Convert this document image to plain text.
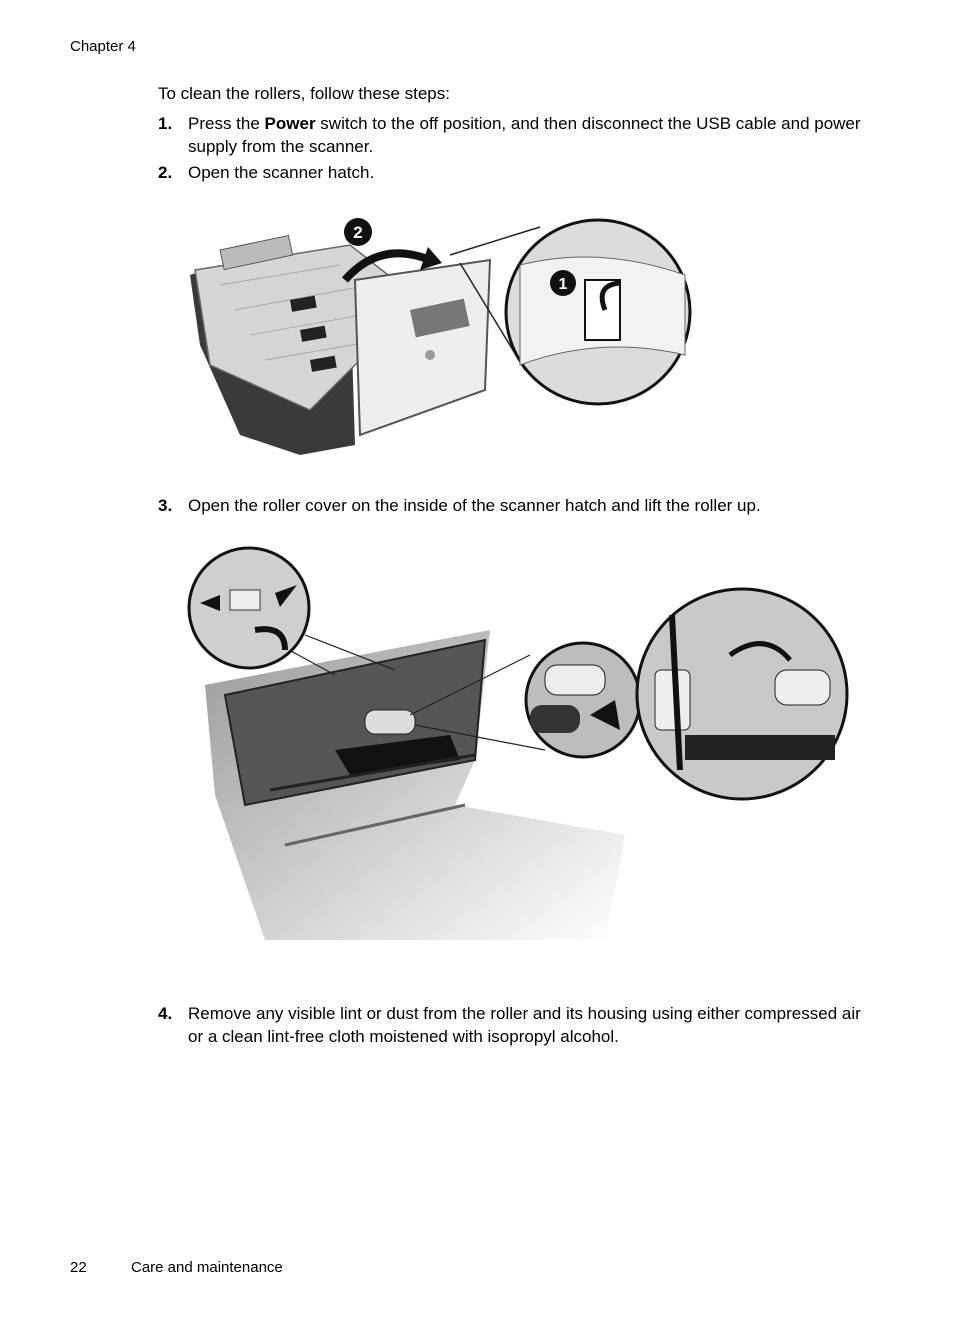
Chapter 4
To clean the rollers, follow these steps:
1. Press the Power switch to the off position, and then disconnect the USB cable and power supply from the scanner.
2. Open the scanner hatch.
2
1
3. Open the roller cover on the inside of the scanner hatch and lift the roller up.
4. Remove any visible lint or dust from the roller and its housing using either compressed air or a clean lint-free cloth moistened with isopropyl alcohol.
22	Care and maintenance
